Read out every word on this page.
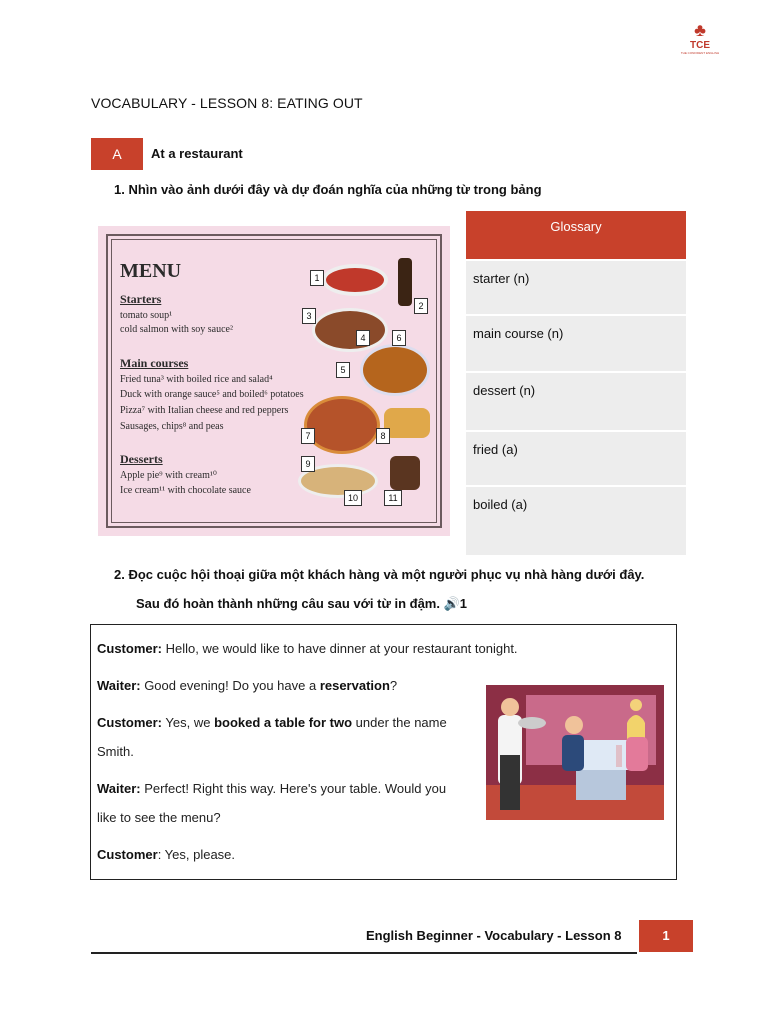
♣
TCE
THE CONFIDENT ENGLISH
VOCABULARY - LESSON 8: EATING OUT
A	At a restaurant
1. Nhìn vào ảnh dưới đây và dự đoán nghĩa của những từ trong bảng
MENU
Starters
tomato soup¹
cold salmon with soy sauce²
Main courses
Fried tuna³ with boiled rice and salad⁴
Duck with orange sauce⁵ and boiled⁶ potatoes
Pizza⁷ with Italian cheese and red peppers
Sausages, chips⁸ and peas
Desserts
Apple pie⁹ with cream¹⁰
Ice cream¹¹ with chocolate sauce
1
2
3
4
5
6
7	8
9
10	11
Glossary
starter (n)
main course (n)
dessert (n)
fried (a)
boiled (a)
2. Đọc cuộc hội thoại giữa một khách hàng và một người phục vụ nhà hàng dưới đây.
Sau đó hoàn thành những câu sau với từ in đậm. 🔊1
Customer: Hello, we would like to have dinner at your restaurant tonight.
Waiter: Good evening! Do you have a reservation?
Customer: Yes, we booked a table for two under the name
Smith.
Waiter: Perfect! Right this way. Here's your table. Would you
like to see the menu?
Customer: Yes, please.
English Beginner - Vocabulary - Lesson 8	1
